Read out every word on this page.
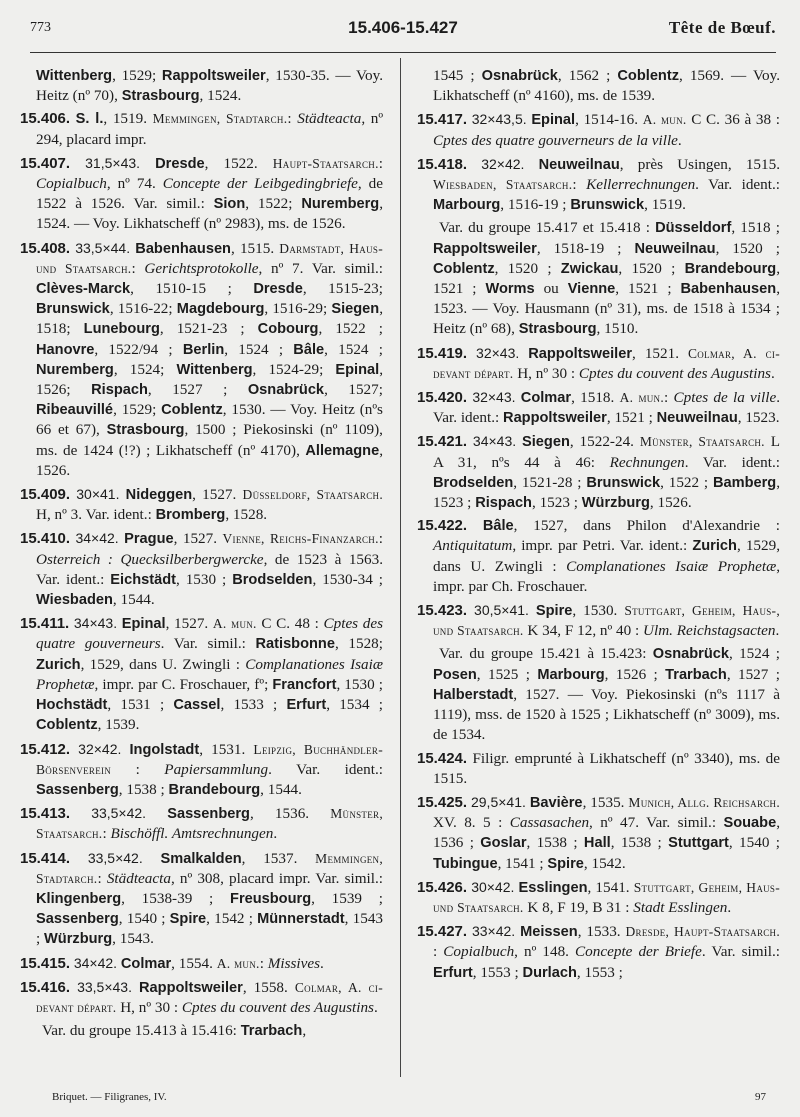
773	15.406-15.427	Tête de Bœuf.

Wittenberg, 1529; Rappoltsweiler, 1530-35. — Voy. Heitz (nº 70), Strasbourg, 1524.

15.406. S. l., 1519. Memmingen, Stadtarch.: Städteacta, nº 294, placard impr.

15.407. 31,5×43. Dresde, 1522. Haupt-Staatsarch.: Copialbuch, nº 74. Concepte der Leibgedingbriefe, de 1522 à 1526. Var. simil.: Sion, 1522; Nuremberg, 1524. — Voy. Likhatscheff (nº 2983), ms. de 1526.

15.408. 33,5×44. Babenhausen, 1515. Darmstadt, Haus- und Staatsarch.: Gerichtsprotokolle, nº 7. Var. simil.: Clèves-Marck, 1510-15 ; Dresde, 1515-23; Brunswick, 1516-22; Magdebourg, 1516-29; Siegen, 1518; Lunebourg, 1521-23 ; Cobourg, 1522 ; Hanovre, 1522/94 ; Berlin, 1524 ; Bâle, 1524 ; Nuremberg, 1524; Wittenberg, 1524-29; Epinal, 1526; Rispach, 1527 ; Osnabrück, 1527; Ribeauvillé, 1529; Coblentz, 1530. — Voy. Heitz (nºs 66 et 67), Strasbourg, 1500 ; Piekosinski (nº 1109), ms. de 1424 (!?) ; Likhatscheff (nº 4170), Allemagne, 1526.

15.409. 30×41. Nideggen, 1527. Düsseldorf, Staatsarch. H, nº 3. Var. ident.: Bromberg, 1528.

15.410. 34×42. Prague, 1527. Vienne, Reichs-Finanzarch.: Osterreich : Quecksilberbergwercke, de 1523 à 1563. Var. ident.: Eichstädt, 1530 ; Brodselden, 1530-34 ; Wiesbaden, 1544.

15.411. 34×43. Epinal, 1527. A. mun. C C. 48 : Cptes des quatre gouverneurs. Var. simil.: Ratisbonne, 1528; Zurich, 1529, dans U. Zwingli : Complanationes Isaiæ Prophetæ, impr. par C. Froschauer, fº; Francfort, 1530 ; Hochstädt, 1531 ; Cassel, 1533 ; Erfurt, 1534 ; Coblentz, 1539.

15.412. 32×42. Ingolstadt, 1531. Leipzig, Buchhändler-Börsenverein : Papiersammlung. Var. ident.: Sassenberg, 1538 ; Brandebourg, 1544.

15.413. 33,5×42. Sassenberg, 1536. Münster, Staatsarch.: Bischöffl. Amtsrechnungen.

15.414. 33,5×42. Smalkalden, 1537. Memmingen, Stadtarch.: Städteacta, nº 308, placard impr. Var. simil.: Klingenberg, 1538-39 ; Freusbourg, 1539 ; Sassenberg, 1540 ; Spire, 1542 ; Münnerstadt, 1543 ; Würzburg, 1543.

15.415. 34×42. Colmar, 1554. A. mun.: Missives.

15.416. 33,5×43. Rappoltsweiler, 1558. Colmar, A. ci-devant départ. H, nº 30 : Cptes du couvent des Augustins.

Var. du groupe 15.413 à 15.416: Trarbach,

1545 ; Osnabrück, 1562 ; Coblentz, 1569. — Voy. Likhatscheff (nº 4160), ms. de 1539.

15.417. 32×43,5. Epinal, 1514-16. A. mun. C C. 36 à 38 : Cptes des quatre gouverneurs de la ville.

15.418. 32×42. Neuweilnau, près Usingen, 1515. Wiesbaden, Staatsarch.: Kellerrechnungen. Var. ident.: Marbourg, 1516-19 ; Brunswick, 1519.

Var. du groupe 15.417 et 15.418 : Düsseldorf, 1518 ; Rappoltsweiler, 1518-19 ; Neuweilnau, 1520 ; Coblentz, 1520 ; Zwickau, 1520 ; Brandebourg, 1521 ; Worms ou Vienne, 1521 ; Babenhausen, 1523. — Voy. Hausmann (nº 31), ms. de 1518 à 1534 ; Heitz (nº 68), Strasbourg, 1510.

15.419. 32×43. Rappoltsweiler, 1521. Colmar, A. ci-devant départ. H, nº 30 : Cptes du couvent des Augustins.

15.420. 32×43. Colmar, 1518. A. mun.: Cptes de la ville. Var. ident.: Rappoltsweiler, 1521 ; Neuweilnau, 1523.

15.421. 34×43. Siegen, 1522-24. Münster, Staatsarch. L A 31, nºs 44 à 46: Rechnungen. Var. ident.: Brodselden, 1521-28 ; Brunswick, 1522 ; Bamberg, 1523 ; Rispach, 1523 ; Würzburg, 1526.

15.422. Bâle, 1527, dans Philon d'Alexandrie : Antiquitatum, impr. par Petri. Var. ident.: Zurich, 1529, dans U. Zwingli : Complanationes Isaiæ Prophetæ, impr. par Ch. Froschauer.

15.423. 30,5×41. Spire, 1530. Stuttgart, Geheim, Haus-, und Staatsarch. K 34, F 12, nº 40 : Ulm. Reichstagsacten.

Var. du groupe 15.421 à 15.423: Osnabrück, 1524 ; Posen, 1525 ; Marbourg, 1526 ; Trarbach, 1527 ; Halberstadt, 1527. — Voy. Piekosinski (nºs 1117 à 1119), mss. de 1520 à 1525 ; Likhatscheff (nº 3009), ms. de 1534.

15.424. Filigr. emprunté à Likhatscheff (nº 3340), ms. de 1515.

15.425. 29,5×41. Bavière, 1535. Munich, Allg. Reichsarch. XV. 8. 5 : Cassasachen, nº 47. Var. simil.: Souabe, 1536 ; Goslar, 1538 ; Hall, 1538 ; Stuttgart, 1540 ; Tubingue, 1541 ; Spire, 1542.

15.426. 30×42. Esslingen, 1541. Stuttgart, Geheim, Haus- und Staatsarch. K 8, F 19, B 31 : Stadt Esslingen.

15.427. 33×42. Meissen, 1533. Dresde, Haupt-Staatsarch. : Copialbuch, nº 148. Concepte der Briefe. Var. simil.: Erfurt, 1553 ; Durlach, 1553 ;

Briquet. — Filigranes, IV.	97
